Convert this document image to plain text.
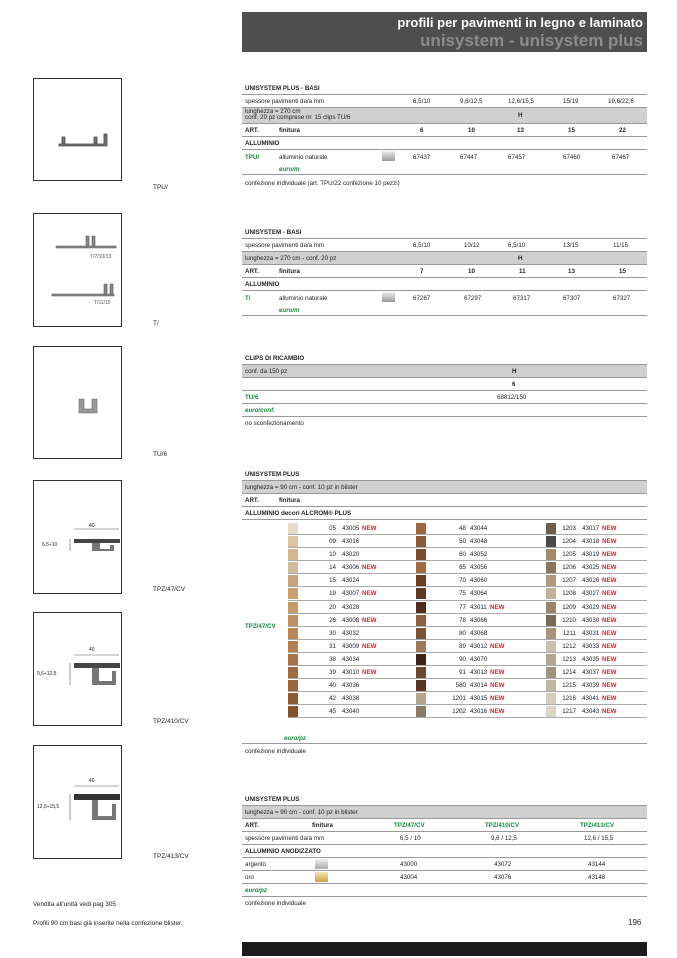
profili per pavimenti in legno e laminato
unisystem - unisystem plus
TPU/
T/7/10/13
T/11/15
T/
TU/6
40
6,5÷10
TPZ/47/CV
40
9,6÷12,5
TPZ/410/CV
40
12,6÷15,5
TPZ/413/CV
UNISYSTEM PLUS - BASI
spessore pavimenti da/a mm	6,5/10	9,6/12,5	12,6/15,5	15/19	19,6/22,6
lunghezza = 270 cm
conf. 20 pz comprese nr. 15 clips TU/6	H
ART.	finitura	6	10	13	15	22
ALLUMINIO
TPU/	alluminio naturale	67437	67447	67457	67460	67467
euro/m
confezione individuale (art. TPU/22 confezione 10 pezzi)
UNISYSTEM - BASI
spessore pavimenti da/a mm	6,5/10	10/12	6,5/10	13/15	11/15
lunghezza = 270 cm - conf. 20 pz	H
ART.	finitura	7	10	11	13	15
ALLUMINIO
T/	alluminio naturale	67287	67297	67317	67307	67327
euro/m
CLIPS DI RICAMBIO
conf. da 150 pz	H
6
TU/6	68812/150
euro/conf.
no sconfezionamento
UNISYSTEM PLUS
lunghezza = 90 cm - conf. 10 pz in blister
ART.	finitura
ALLUMINIO decori ALCROM® PLUS
TPZ/47/CV
05 43005 NEW	48 43044	1203 43017 NEW
09 43016	50 43048	1204 43018 NEW
10 43020	60 43052	1205 43019 NEW
14 43006 NEW	65 43056	1206 43025 NEW
15 43024	70 43060	1207 43026 NEW
19 43007 NEW	75 43064	1208 43027 NEW
20 43028	77 43011 NEW	1209 43029 NEW
26 43008 NEW	78 43066	1210 43030 NEW
30 43032	80 43068	1211 43031 NEW
31 43009 NEW	89 43012 NEW	1212 43033 NEW
38 43034	90 43070	1213 43035 NEW
39 43010 NEW	91 43013 NEW	1214 43037 NEW
40 43036	580 43014 NEW	1215 43039 NEW
42 43038	1201 43015 NEW	1216 43041 NEW
45 43040	1202 43016 NEW	1217 43043 NEW
euro/pz
confezione individuale
UNISYSTEM PLUS
lunghezza = 90 cm - conf. 10 pz in blister
ART.	finitura	TPZ/47/CV	TPZ/410/CV	TPZ/413/CV
spessore pavimenti da/a mm	6,5 / 10	9,6 / 12,5	12,6 / 15,5
ALLUMINIO ANODIZZATO
argento	43000	43072	43144
oro	43004	43076	43148
euro/pz
confezione individuale
Vendita all'unità vedi pag 305
Profili 90 cm basi già inserite nella confezione blister.	196
